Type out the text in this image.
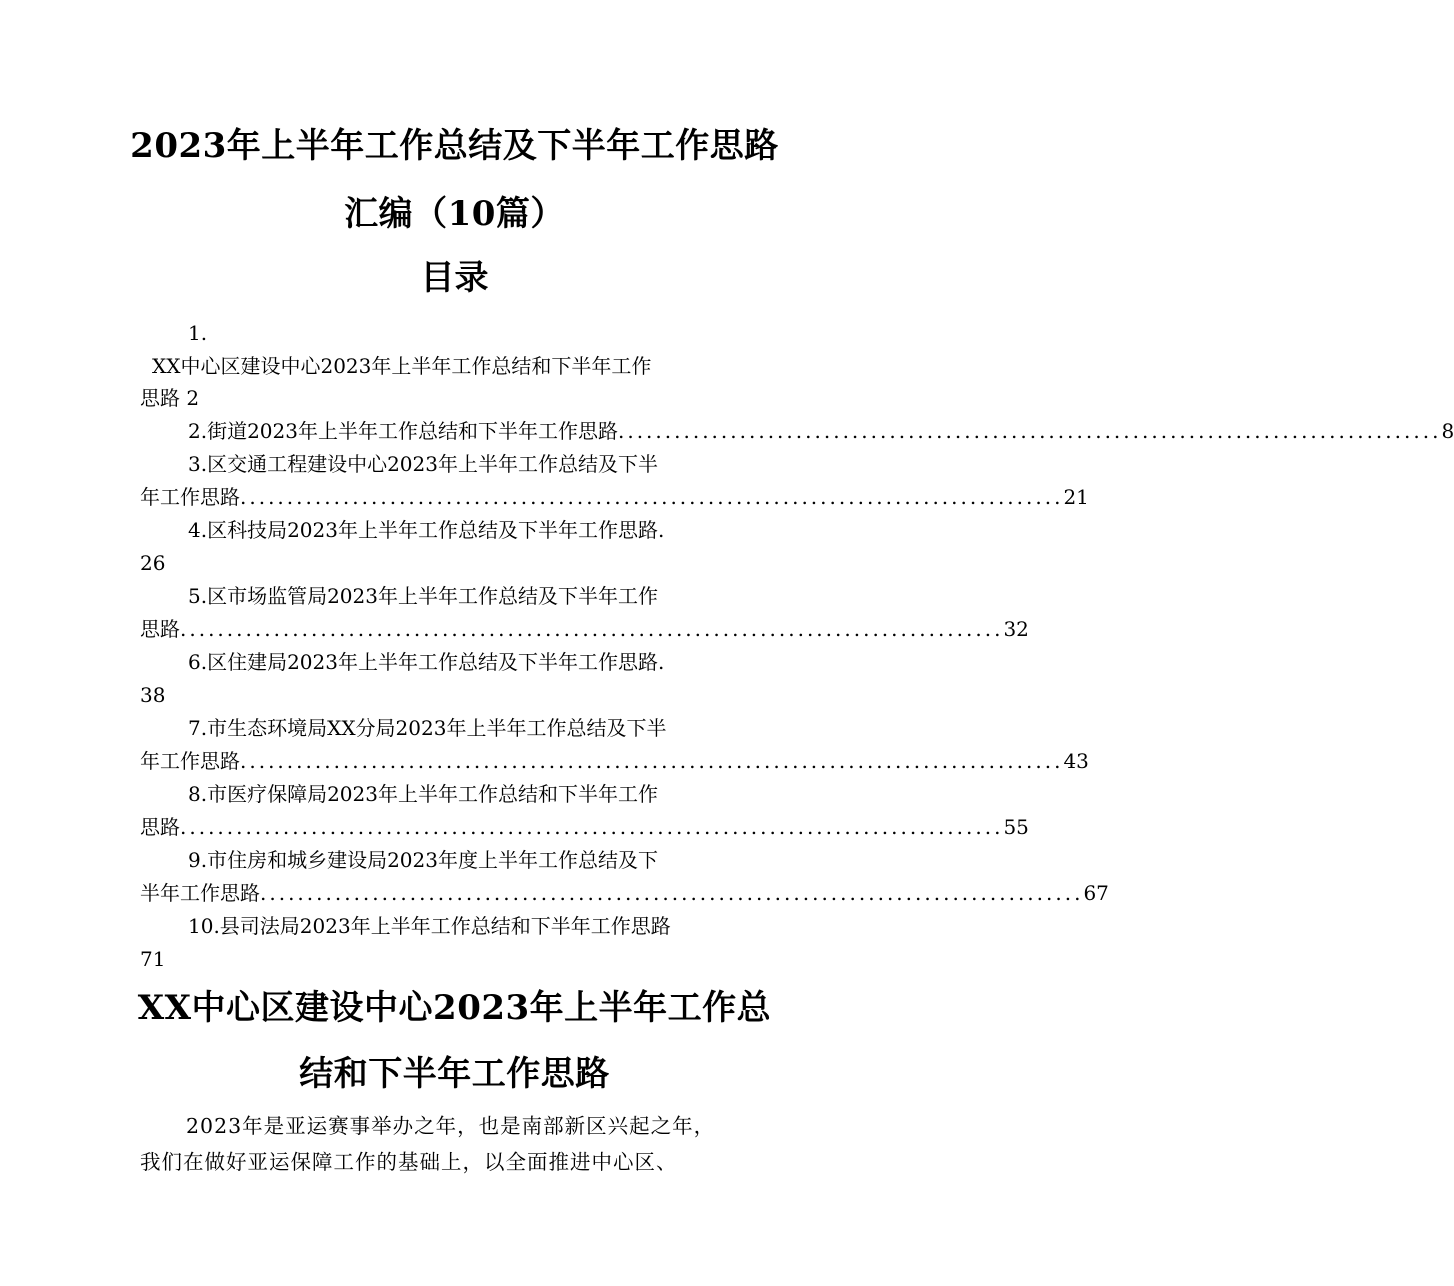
2023年上半年工作总结及下半年工作思路
汇编（10篇）
目录
1.
XX中心区建设中心2023年上半年工作总结和下半年工作
思路 2
2.街道2023年上半年工作总结和下半年工作思路 ........................................................................................ 8
3.区交通工程建设中心2023年上半年工作总结及下半
年工作思路 ........................................................................................ 21
4.区科技局2023年上半年工作总结及下半年工作思路.
26
5.区市场监管局2023年上半年工作总结及下半年工作
思路 ........................................................................................ 32
6.区住建局2023年上半年工作总结及下半年工作思路.
38
7.市生态环境局XX分局2023年上半年工作总结及下半
年工作思路 ........................................................................................ 43
8.市医疗保障局2023年上半年工作总结和下半年工作
思路 ........................................................................................ 55
9.市住房和城乡建设局2023年度上半年工作总结及下
半年工作思路 ........................................................................................ 67
10.县司法局2023年上半年工作总结和下半年工作思路
71
XX中心区建设中心2023年上半年工作总
结和下半年工作思路
2023年是亚运赛事举办之年，也是南部新区兴起之年，
我们在做好亚运保障工作的基础上，以全面推进中心区、
